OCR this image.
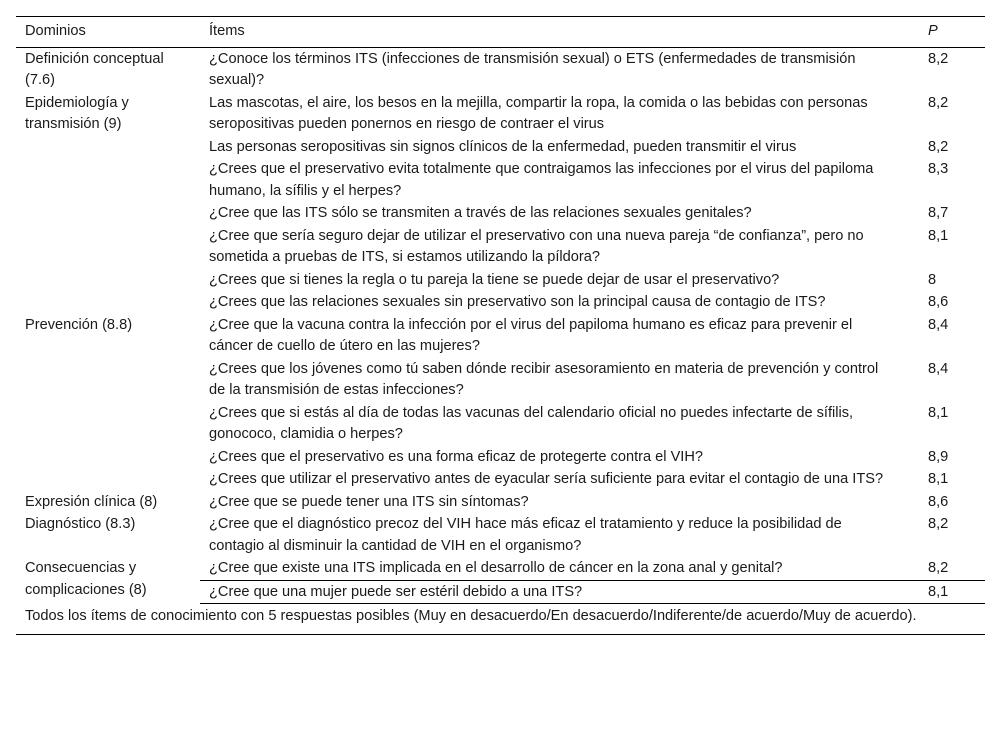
Dominios	Ítems	P
Definición conceptual (7.6)	¿Conoce los términos ITS (infecciones de transmisión sexual) o ETS (enfermedades de transmisión sexual)?	8,2
Epidemiología y transmisión (9)	Las mascotas, el aire, los besos en la mejilla, compartir la ropa, la comida o las bebidas con personas seropositivas pueden ponernos en riesgo de contraer el virus	8,2
	Las personas seropositivas sin signos clínicos de la enfermedad, pueden transmitir el virus	8,2
	¿Crees que el preservativo evita totalmente que contraigamos las infecciones por el virus del papiloma humano, la sífilis y el herpes?	8,3
	¿Cree que las ITS sólo se transmiten a través de las relaciones sexuales genitales?	8,7
	¿Cree que sería seguro dejar de utilizar el preservativo con una nueva pareja “de confianza”, pero no sometida a pruebas de ITS, si estamos utilizando la píldora?	8,1
	¿Crees que si tienes la regla o tu pareja la tiene se puede dejar de usar el preservativo?	8
	¿Crees que las relaciones sexuales sin preservativo son la principal causa de contagio de ITS?	8,6
Prevención (8.8)	¿Cree que la vacuna contra la infección por el virus del papiloma humano es eficaz para prevenir el cáncer de cuello de útero en las mujeres?	8,4
	¿Crees que los jóvenes como tú saben dónde recibir asesoramiento en materia de prevención y control de la transmisión de estas infecciones?	8,4
	¿Crees que si estás al día de todas las vacunas del calendario oficial no puedes infectarte de sífilis, gonococo, clamidia o herpes?	8,1
	¿Crees que el preservativo es una forma eficaz de protegerte contra el VIH?	8,9
	¿Crees que utilizar el preservativo antes de eyacular sería suficiente para evitar el contagio de una ITS?	8,1
Expresión clínica (8)	¿Cree que se puede tener una ITS sin síntomas?	8,6
Diagnóstico (8.3)	¿Cree que el diagnóstico precoz del VIH hace más eficaz el tratamiento y reduce la posibilidad de contagio al disminuir la cantidad de VIH en el organismo?	8,2
Consecuencias y complicaciones (8)	¿Cree que existe una ITS implicada en el desarrollo de cáncer en la zona anal y genital?	8,2
	¿Cree que una mujer puede ser estéril debido a una ITS?	8,1
Todos los ítems de conocimiento con 5 respuestas posibles (Muy en desacuerdo/En desacuerdo/Indiferente/de acuerdo/Muy de acuerdo).		
